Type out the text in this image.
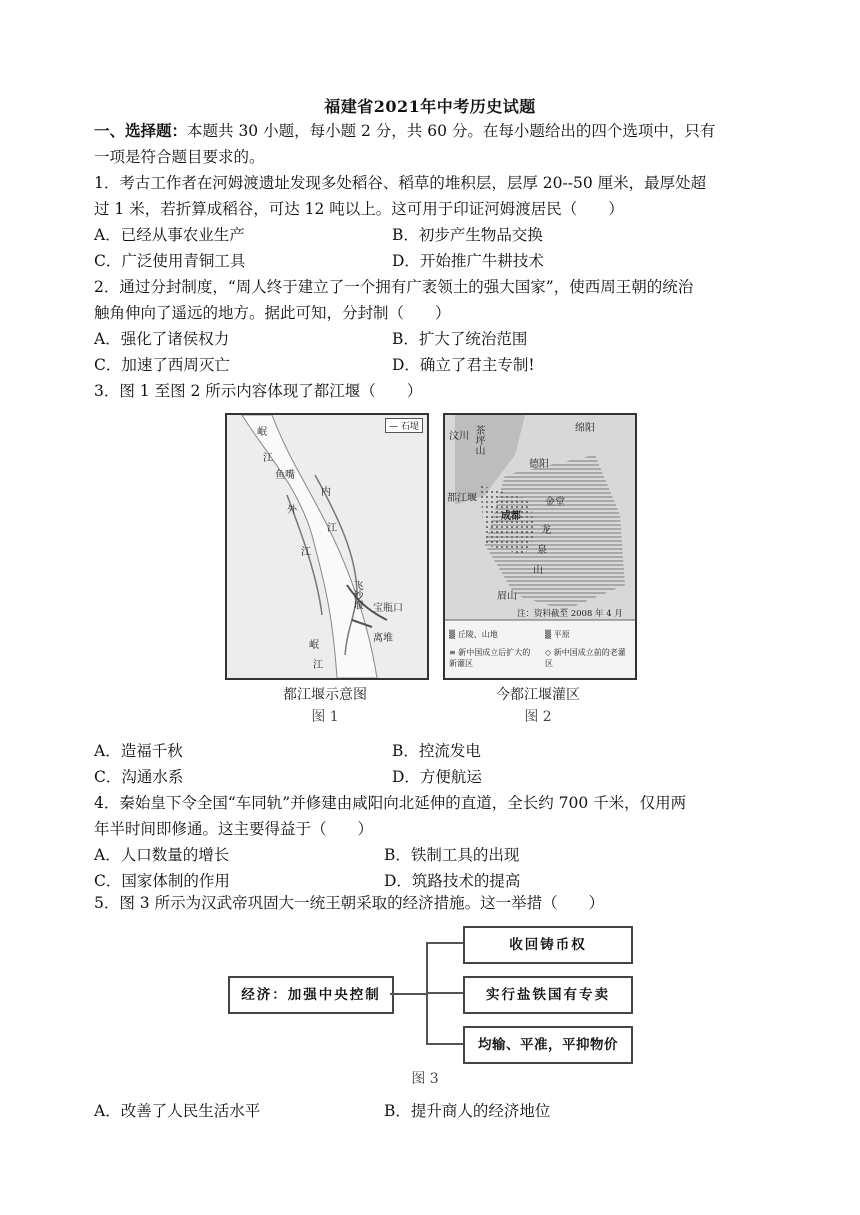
福建省2021年中考历史试题
一、选择题：本题共 30 小题，每小题 2 分，共 60 分。在每小题给出的四个选项中，只有
一项是符合题目要求的。
1．考古工作者在河姆渡遗址发现多处稻谷、稻草的堆积层，层厚 20--50 厘米，最厚处超
过 1 米，若折算成稻谷，可达 12 吨以上。这可用于印证河姆渡居民（　　）
A．已经从事农业生产	B．初步产生物品交换
C．广泛使用青铜工具	D．开始推广牛耕技术
2．通过分封制度，“周人终于建立了一个拥有广袤领土的强大国家”，使西周王朝的统治
触角伸向了遥远的地方。据此可知，分封制（　　）
A．强化了诸侯权力	B．扩大了统治范围
C．加速了西周灭亡	D．确立了君主专制!
3．图 1 至图 2 所示内容体现了都江堰（　　）
— 石堤
岷
江
鱼嘴
外
内
江
江
飞沙堰 宝瓶口
离堆
岷
江
都江堰示意图
图 1
汶川 茶坪山	绵阳
德阳
都江堰	金堂
成都
眉山
龙
泉
山
注：资料截至 2008 年 4 月
▒ 丘陵、山地	▒ 平原
≡ 新中国成立后扩大的新灌区
◇ 新中国成立前的老灌区
今都江堰灌区
图 2
A．造福千秋	B．控流发电
C．沟通水系	D．方便航运
4．秦始皇下令全国“车同轨”并修建由咸阳向北延伸的直道，全长约 700 千米，仅用两
年半时间即修通。这主要得益于（　　）
A．人口数量的增长	B．铁制工具的出现
C．国家体制的作用	D．筑路技术的提高
5．图 3 所示为汉武帝巩固大一统王朝采取的经济措施。这一举措（　　）
经济：加强中央控制
收回铸币权
实行盐铁国有专卖
均输、平准，平抑物价
图 3
A．改善了人民生活水平	B．提升商人的经济地位
